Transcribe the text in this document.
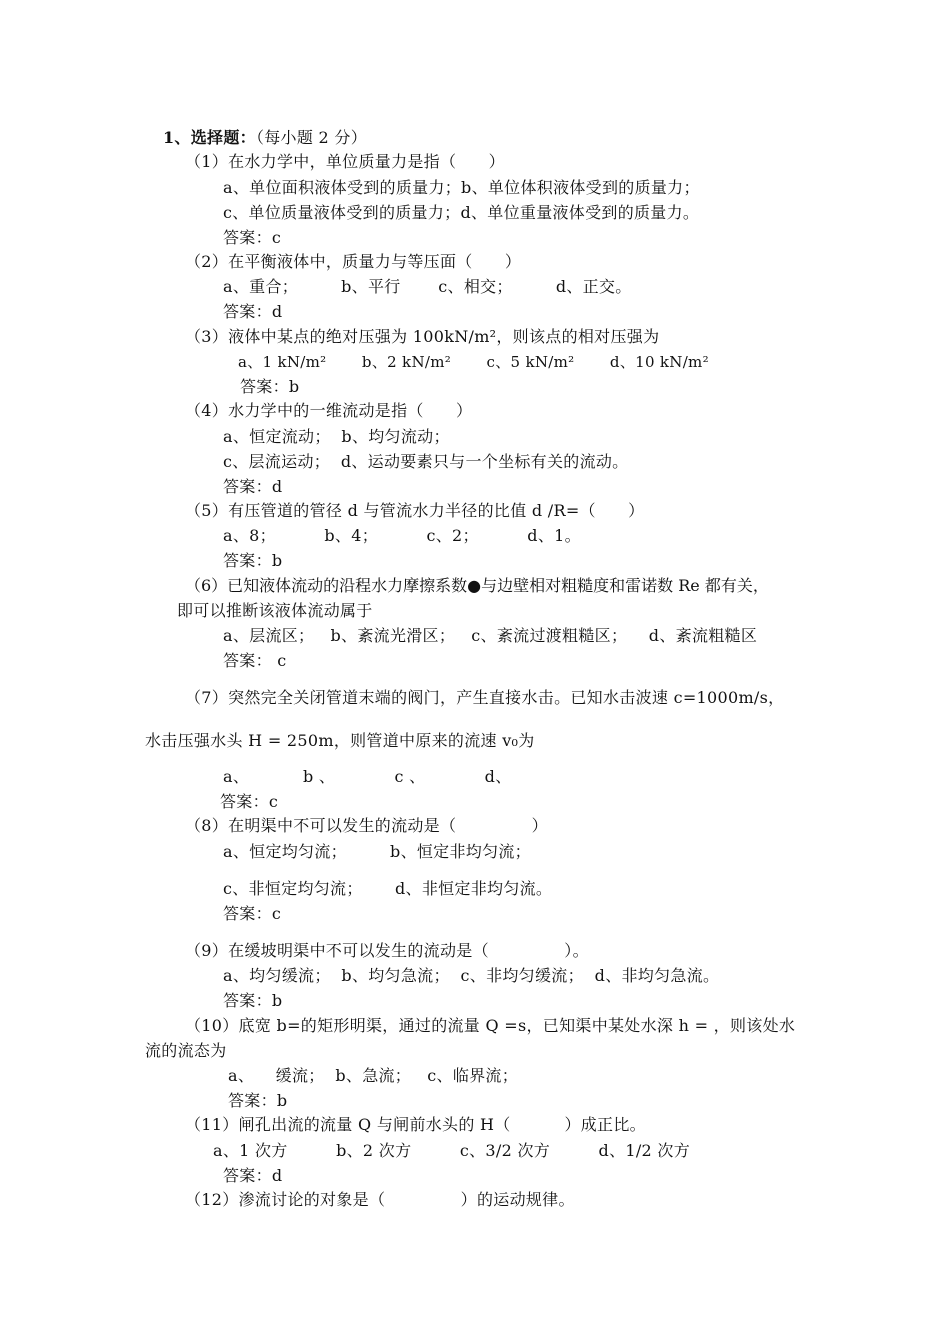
1、选择题：（每小题 2 分）
（1）在水力学中，单位质量力是指（      ）
a、单位面积液体受到的质量力；b、单位体积液体受到的质量力；
c、单位质量液体受到的质量力；d、单位重量液体受到的质量力。
答案：c
（2）在平衡液体中，质量力与等压面（      ）
a、重合；        b、平行       c、相交；        d、正交。
答案：d
（3）液体中某点的绝对压强为 100kN/m²，则该点的相对压强为
a、1 kN/m²       b、2 kN/m²       c、5 kN/m²       d、10 kN/m²
答案：b
（4）水力学中的一维流动是指（      ）
a、恒定流动；  b、均匀流动；
c、层流运动；  d、运动要素只与一个坐标有关的流动。
答案：d
（5）有压管道的管径 d 与管流水力半径的比值 d /R=（      ）
a、8；         b、4；         c、2；         d、1。
答案：b
（6）已知液体流动的沿程水力摩擦系数●与边壁相对粗糙度和雷诺数 Re 都有关，
即可以推断该液体流动属于
a、层流区；   b、紊流光滑区；   c、紊流过渡粗糙区；    d、紊流粗糙区
答案： c
（7）突然完全关闭管道末端的阀门，产生直接水击。已知水击波速 c=1000m/s，
水击压强水头 H = 250m，则管道中原来的流速 v₀为
a、          b 、           c 、           d、
答案：c
（8）在明渠中不可以发生的流动是（              ）
a、恒定均匀流；        b、恒定非均匀流；
c、非恒定均匀流；      d、非恒定非均匀流。
答案：c
（9）在缓坡明渠中不可以发生的流动是（              ）。
a、均匀缓流；  b、均匀急流；  c、非均匀缓流；  d、非均匀急流。
答案：b
（10）底宽 b=的矩形明渠，通过的流量 Q =s，已知渠中某处水深 h = ，则该处水
流的流态为
a、    缓流；  b、急流；   c、临界流；
答案：b
（11）闸孔出流的流量 Q 与闸前水头的 H（          ）成正比。
a、1 次方         b、2 次方         c、3/2 次方         d、1/2 次方
答案：d
（12）渗流讨论的对象是（              ）的运动规律。
